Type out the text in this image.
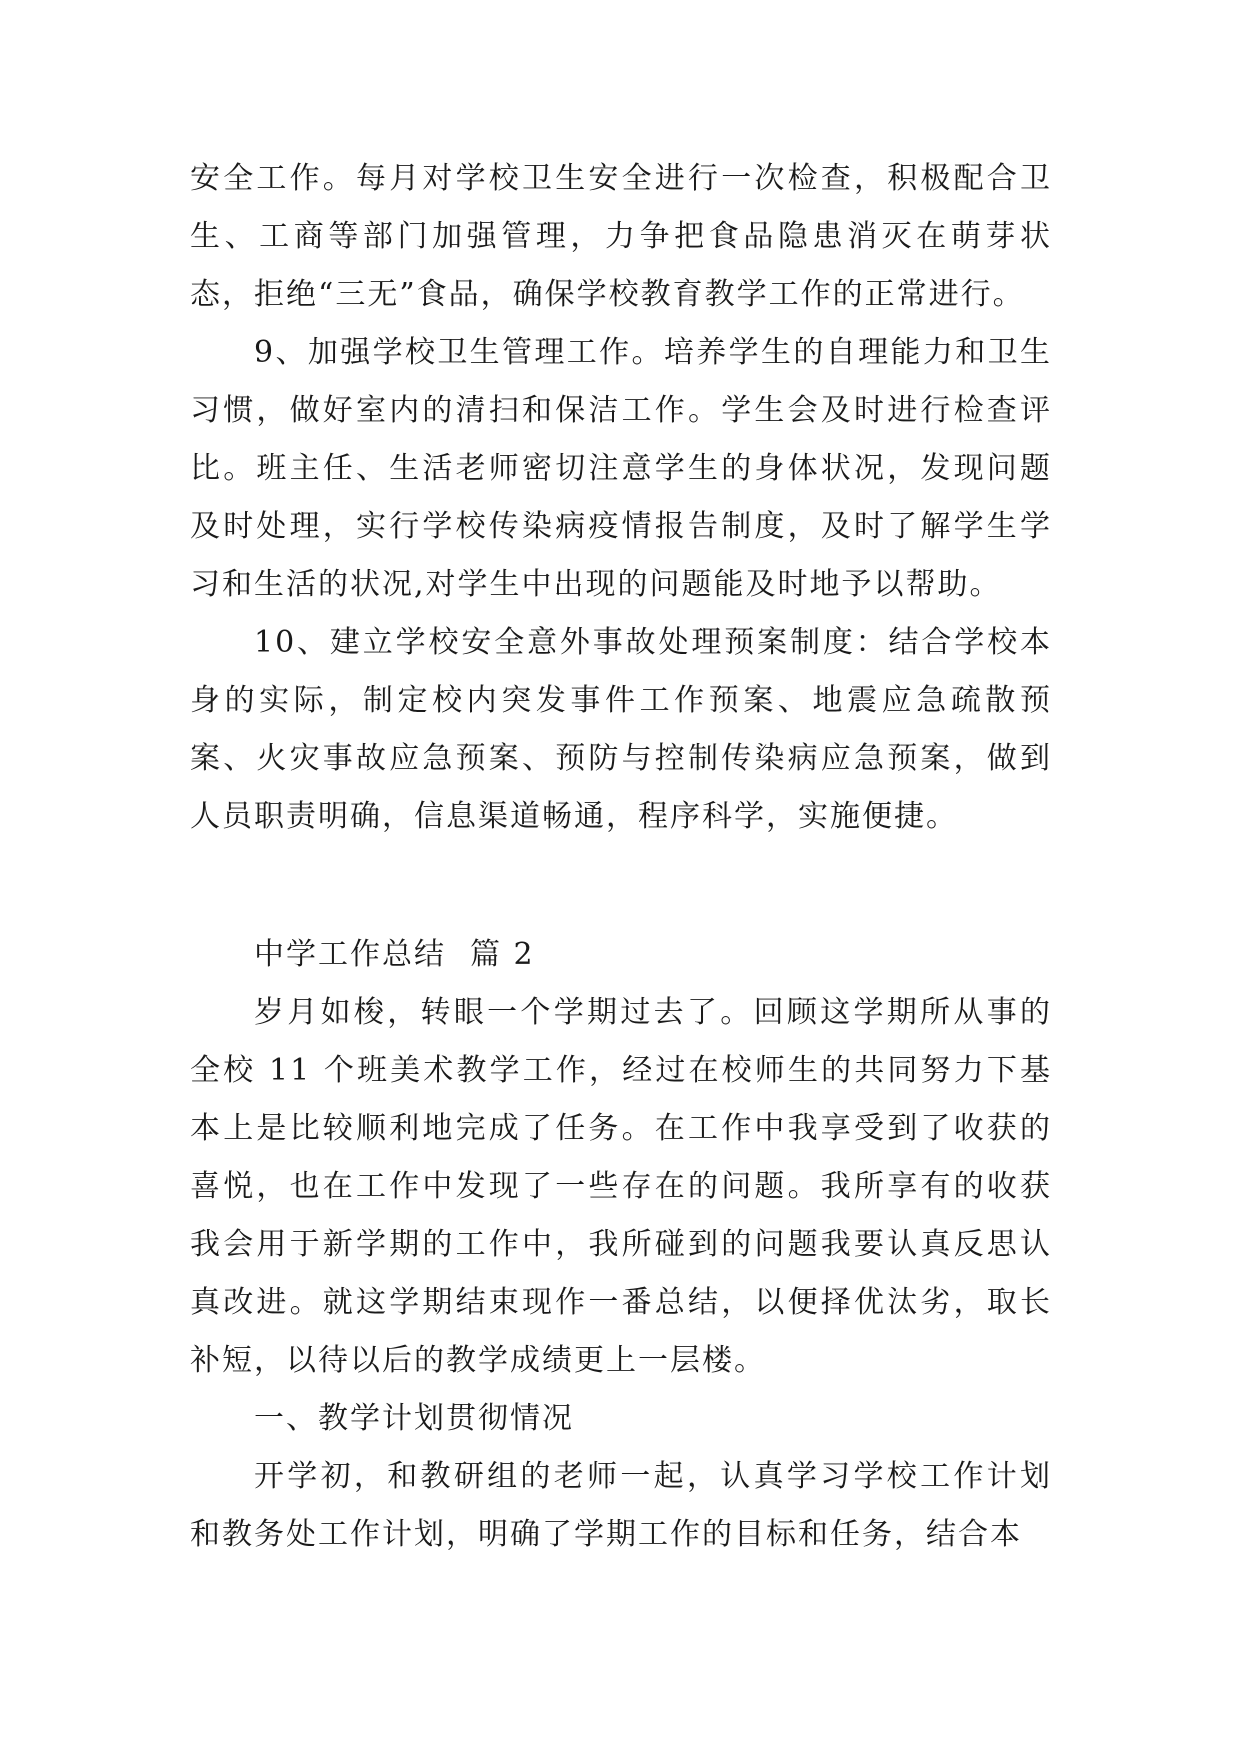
安全工作。每月对学校卫生安全进行一次检查，积极配合卫生、工商等部门加强管理，力争把食品隐患消灭在萌芽状态，拒绝“三无”食品，确保学校教育教学工作的正常进行。

9、加强学校卫生管理工作。培养学生的自理能力和卫生习惯，做好室内的清扫和保洁工作。学生会及时进行检查评比。班主任、生活老师密切注意学生的身体状况，发现问题及时处理，实行学校传染病疫情报告制度，及时了解学生学习和生活的状况,对学生中出现的问题能及时地予以帮助。

10、建立学校安全意外事故处理预案制度：结合学校本身的实际，制定校内突发事件工作预案、地震应急疏散预案、火灾事故应急预案、预防与控制传染病应急预案，做到人员职责明确，信息渠道畅通，程序科学，实施便捷。

中学工作总结 篇 2

岁月如梭，转眼一个学期过去了。回顾这学期所从事的全校 11 个班美术教学工作，经过在校师生的共同努力下基本上是比较顺利地完成了任务。在工作中我享受到了收获的喜悦，也在工作中发现了一些存在的问题。我所享有的收获我会用于新学期的工作中，我所碰到的问题我要认真反思认真改进。就这学期结束现作一番总结，以便择优汰劣，取长补短，以待以后的教学成绩更上一层楼。

一、教学计划贯彻情况

开学初，和教研组的老师一起，认真学习学校工作计划和教务处工作计划，明确了学期工作的目标和任务，结合本
